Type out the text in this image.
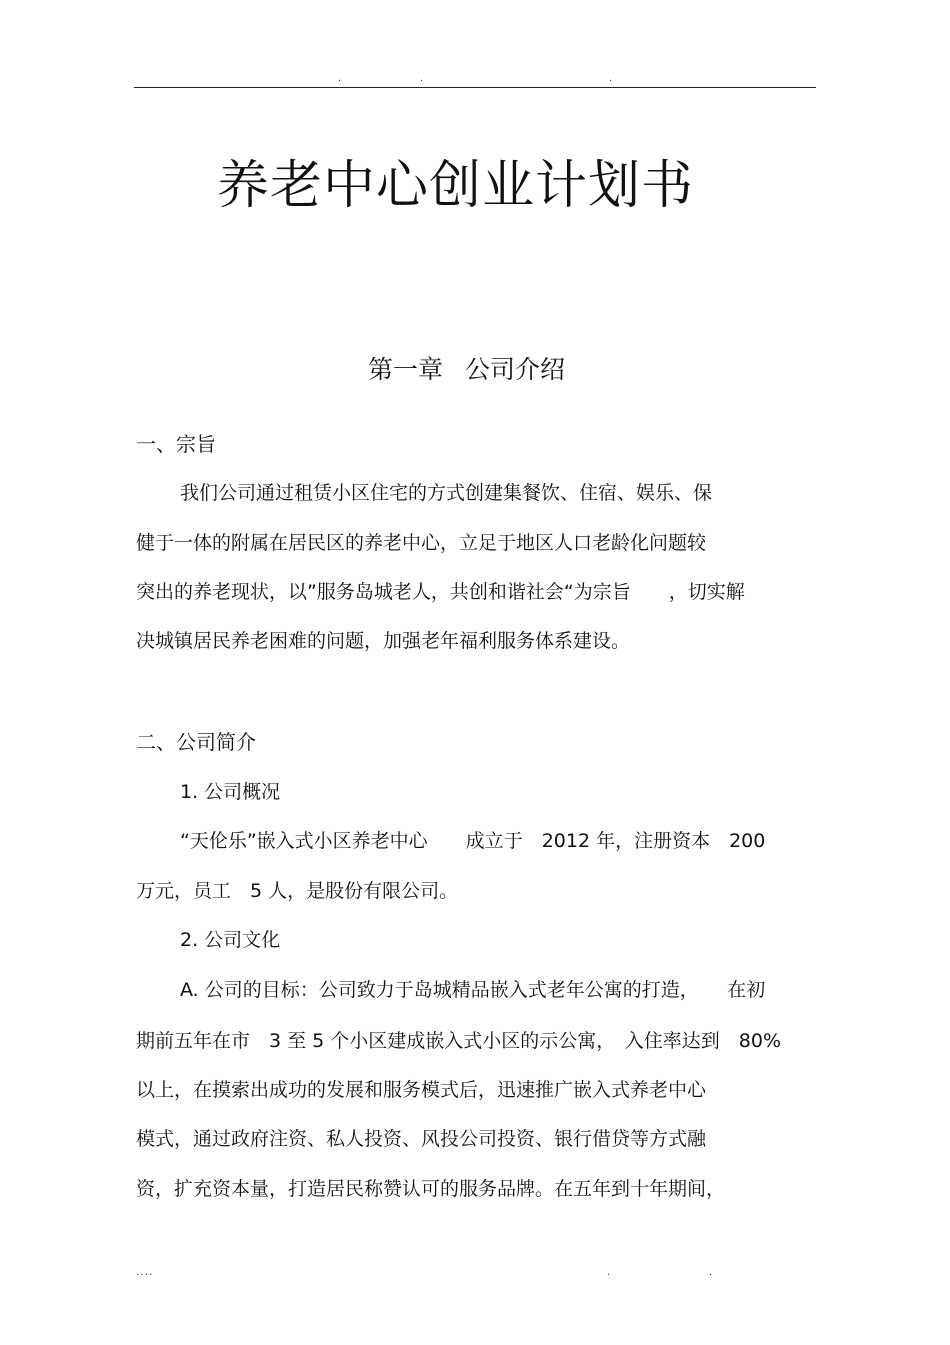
.	.	.
养老中心创业计划书
第一章 公司介绍
一、宗旨
我们公司通过租赁小区住宅的方式创建集餐饮、住宿、娱乐、保
健于一体的附属在居民区的养老中心，立足于地区人口老龄化问题较
突出的养老现状，以”服务岛城老人，共创和谐社会“为宗旨　　，切实解
决城镇居民养老困难的问题，加强老年福利服务体系建设。
二、公司简介
1. 公司概况
“天伦乐”嵌入式小区养老中心　　成立于　2012 年，注册资本　200
万元，员工　5 人，是股份有限公司。
2. 公司文化
A. 公司的目标：公司致力于岛城精品嵌入式老年公寓的打造，　　在初
期前五年在市　3 至 5 个小区建成嵌入式小区的示公寓，　入住率达到　80%
以上，在摸索出成功的发展和服务模式后，迅速推广嵌入式养老中心
模式，通过政府注资、私人投资、风投公司投资、银行借贷等方式融
资，扩充资本量，打造居民称赞认可的服务品牌。在五年到十年期间，
. . . .	.	.
